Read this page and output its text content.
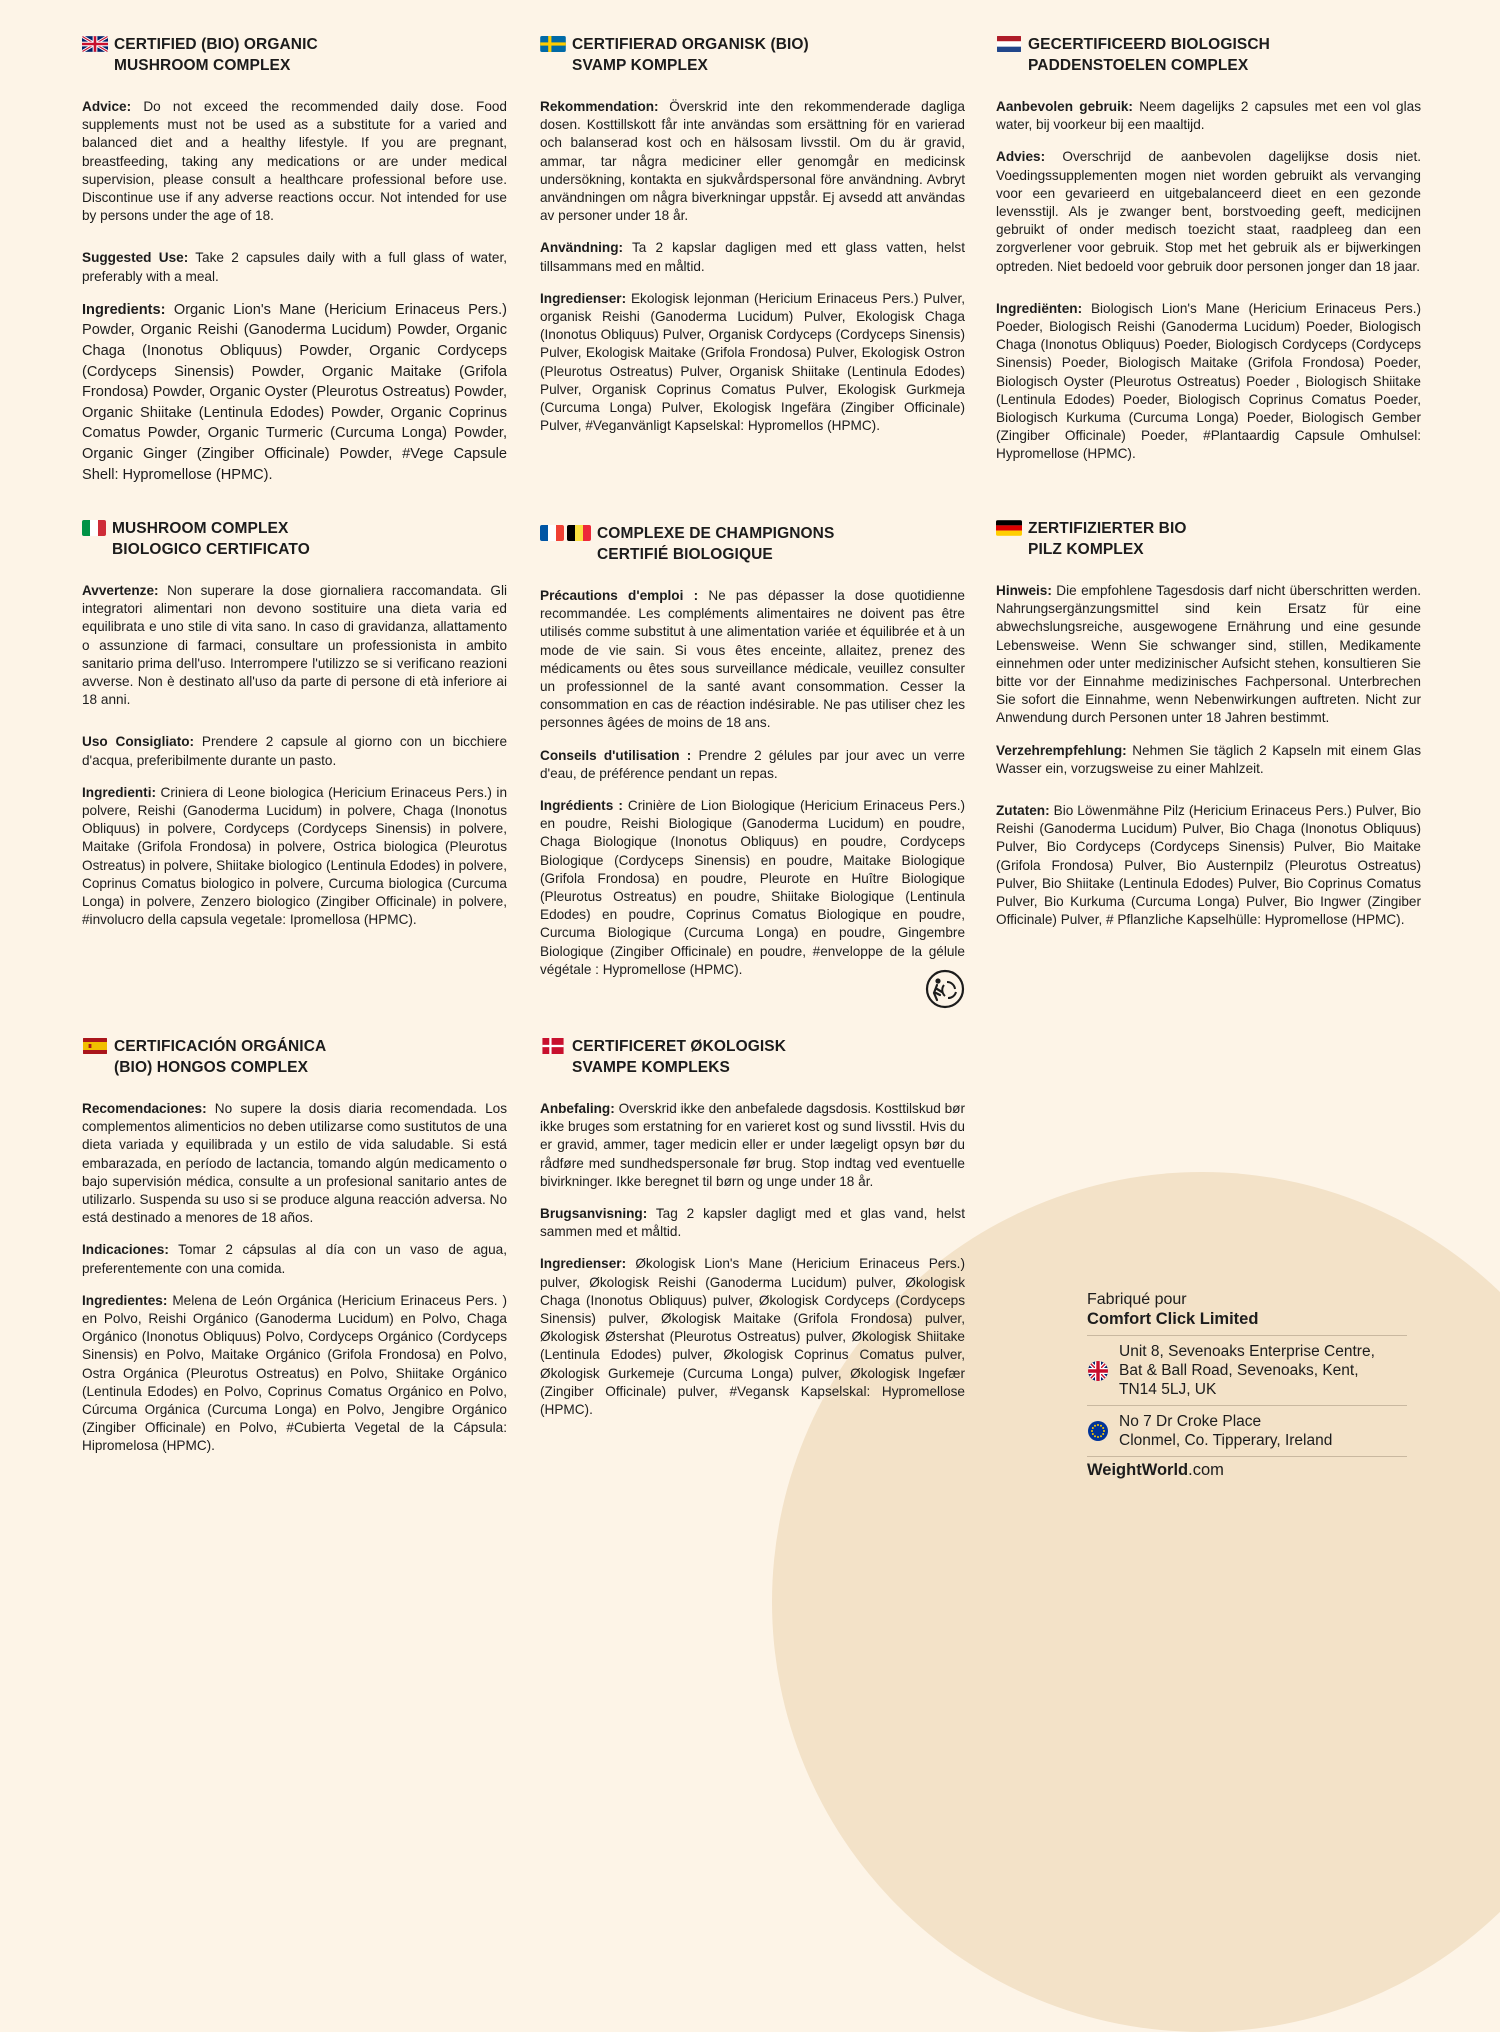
CERTIFIED (BIO) ORGANIC
MUSHROOM COMPLEX

Advice: Do not exceed the recommended daily dose. Food supplements must not be used as a substitute for a varied and balanced diet and a healthy lifestyle. If you are pregnant, breastfeeding, taking any medications or are under medical supervision, please consult a healthcare professional before use. Discontinue use if any adverse reactions occur. Not intended for use by persons under the age of 18.

Suggested Use: Take 2 capsules daily with a full glass of water, preferably with a meal.

Ingredients: Organic Lion's Mane (Hericium Erinaceus Pers.) Powder, Organic Reishi (Ganoderma Lucidum) Powder, Organic Chaga (Inonotus Obliquus) Powder, Organic Cordyceps (Cordyceps Sinensis) Powder, Organic Maitake (Grifola Frondosa) Powder, Organic Oyster (Pleurotus Ostreatus) Powder, Organic Shiitake (Lentinula Edodes) Powder, Organic Coprinus Comatus Powder, Organic Turmeric (Curcuma Longa) Powder, Organic Ginger (Zingiber Officinale) Powder, #Vege Capsule Shell: Hypromellose (HPMC).

CERTIFIERAD ORGANISK (BIO)
SVAMP KOMPLEX

Rekommendation: Överskrid inte den rekommenderade dagliga dosen. Kosttillskott får inte användas som ersättning för en varierad och balanserad kost och en hälsosam livsstil. Om du är gravid, ammar, tar några mediciner eller genomgår en medicinsk undersökning, kontakta en sjukvårdspersonal före användning. Avbryt användningen om några biverkningar uppstår. Ej avsedd att användas av personer under 18 år.

Användning: Ta 2 kapslar dagligen med ett glass vatten, helst tillsammans med en måltid.

Ingredienser: Ekologisk lejonman (Hericium Erinaceus Pers.) Pulver, organisk Reishi (Ganoderma Lucidum) Pulver, Ekologisk Chaga (Inonotus Obliquus) Pulver, Organisk Cordyceps (Cordyceps Sinensis) Pulver, Ekologisk Maitake (Grifola Frondosa) Pulver, Ekologisk Ostron (Pleurotus Ostreatus) Pulver, Organisk Shiitake (Lentinula Edodes) Pulver, Organisk Coprinus Comatus Pulver, Ekologisk Gurkmeja (Curcuma Longa) Pulver, Ekologisk Ingefära (Zingiber Officinale) Pulver, #Veganvänligt Kapselskal: Hypromellos (HPMC).

GECERTIFICEERD BIOLOGISCH
PADDENSTOELEN COMPLEX

Aanbevolen gebruik: Neem dagelijks 2 capsules met een vol glas water, bij voorkeur bij een maaltijd.

Advies: Overschrijd de aanbevolen dagelijkse dosis niet. Voedingssupplementen mogen niet worden gebruikt als vervanging voor een gevarieerd en uitgebalanceerd dieet en een gezonde levensstijl. Als je zwanger bent, borstvoeding geeft, medicijnen gebruikt of onder medisch toezicht staat, raadpleeg dan een zorgverlener voor gebruik. Stop met het gebruik als er bijwerkingen optreden. Niet bedoeld voor gebruik door personen jonger dan 18 jaar.

Ingrediënten: Biologisch Lion's Mane (Hericium Erinaceus Pers.) Poeder, Biologisch Reishi (Ganoderma Lucidum) Poeder, Biologisch Chaga (Inonotus Obliquus) Poeder, Biologisch Cordyceps (Cordyceps Sinensis) Poeder, Biologisch Maitake (Grifola Frondosa) Poeder, Biologisch Oyster (Pleurotus Ostreatus) Poeder , Biologisch Shiitake (Lentinula Edodes) Poeder, Biologisch Coprinus Comatus Poeder, Biologisch Kurkuma (Curcuma Longa) Poeder, Biologisch Gember (Zingiber Officinale) Poeder, #Plantaardig Capsule Omhulsel: Hypromellose (HPMC).

MUSHROOM COMPLEX
BIOLOGICO CERTIFICATO

Avvertenze: Non superare la dose giornaliera raccomandata. Gli integratori alimentari non devono sostituire una dieta varia ed equilibrata e uno stile di vita sano. In caso di gravidanza, allattamento o assunzione di farmaci, consultare un professionista in ambito sanitario prima dell'uso. Interrompere l'utilizzo se si verificano reazioni avverse. Non è destinato all'uso da parte di persone di età inferiore ai 18 anni.

Uso Consigliato: Prendere 2 capsule al giorno con un bicchiere d'acqua, preferibilmente durante un pasto.

Ingredienti: Criniera di Leone biologica (Hericium Erinaceus Pers.) in polvere, Reishi (Ganoderma Lucidum) in polvere, Chaga (Inonotus Obliquus) in polvere, Cordyceps (Cordyceps Sinensis) in polvere, Maitake (Grifola Frondosa) in polvere, Ostrica biologica (Pleurotus Ostreatus) in polvere, Shiitake biologico (Lentinula Edodes) in polvere, Coprinus Comatus biologico in polvere, Curcuma biologica (Curcuma Longa) in polvere, Zenzero biologico (Zingiber Officinale) in polvere, #involucro della capsula vegetale: Ipromellosa (HPMC).

COMPLEXE DE CHAMPIGNONS
CERTIFIÉ BIOLOGIQUE

Précautions d'emploi : Ne pas dépasser la dose quotidienne recommandée. Les compléments alimentaires ne doivent pas être utilisés comme substitut à une alimentation variée et équilibrée et à un mode de vie sain. Si vous êtes enceinte, allaitez, prenez des médicaments ou êtes sous surveillance médicale, veuillez consulter un professionnel de la santé avant consommation. Cesser la consommation en cas de réaction indésirable. Ne pas utiliser chez les personnes âgées de moins de 18 ans.

Conseils d'utilisation : Prendre 2 gélules par jour avec un verre d'eau, de préférence pendant un repas.

Ingrédients : Crinière de Lion Biologique (Hericium Erinaceus Pers.) en poudre, Reishi Biologique (Ganoderma Lucidum) en poudre, Chaga Biologique (Inonotus Obliquus) en poudre, Cordyceps Biologique (Cordyceps Sinensis) en poudre, Maitake Biologique (Grifola Frondosa) en poudre, Pleurote en Huître Biologique (Pleurotus Ostreatus) en poudre, Shiitake Biologique (Lentinula Edodes) en poudre, Coprinus Comatus Biologique en poudre, Curcuma Biologique (Curcuma Longa) en poudre, Gingembre Biologique (Zingiber Officinale) en poudre, #enveloppe de la gélule végétale : Hypromellose (HPMC).

ZERTIFIZIERTER BIO
PILZ KOMPLEX

Hinweis: Die empfohlene Tagesdosis darf nicht überschritten werden. Nahrungsergänzungsmittel sind kein Ersatz für eine abwechslungsreiche, ausgewogene Ernährung und eine gesunde Lebensweise. Wenn Sie schwanger sind, stillen, Medikamente einnehmen oder unter medizinischer Aufsicht stehen, konsultieren Sie bitte vor der Einnahme medizinisches Fachpersonal. Unterbrechen Sie sofort die Einnahme, wenn Nebenwirkungen auftreten. Nicht zur Anwendung durch Personen unter 18 Jahren bestimmt.

Verzehrempfehlung: Nehmen Sie täglich 2 Kapseln mit einem Glas Wasser ein, vorzugsweise zu einer Mahlzeit.

Zutaten: Bio Löwenmähne Pilz (Hericium Erinaceus Pers.) Pulver, Bio Reishi (Ganoderma Lucidum) Pulver, Bio Chaga (Inonotus Obliquus) Pulver, Bio Cordyceps (Cordyceps Sinensis) Pulver, Bio Maitake (Grifola Frondosa) Pulver, Bio Austernpilz (Pleurotus Ostreatus) Pulver, Bio Shiitake (Lentinula Edodes) Pulver, Bio Coprinus Comatus Pulver, Bio Kurkuma (Curcuma Longa) Pulver, Bio Ingwer (Zingiber Officinale) Pulver, # Pflanzliche Kapselhülle: Hypromellose (HPMC).

CERTIFICACIÓN ORGÁNICA
(BIO) HONGOS COMPLEX

Recomendaciones: No supere la dosis diaria recomendada. Los complementos alimenticios no deben utilizarse como sustitutos de una dieta variada y equilibrada y un estilo de vida saludable. Si está embarazada, en período de lactancia, tomando algún medicamento o bajo supervisión médica, consulte a un profesional sanitario antes de utilizarlo. Suspenda su uso si se produce alguna reacción adversa. No está destinado a menores de 18 años.

Indicaciones: Tomar 2 cápsulas al día con un vaso de agua, preferentemente con una comida.

Ingredientes: Melena de León Orgánica (Hericium Erinaceus Pers. ) en Polvo, Reishi Orgánico (Ganoderma Lucidum) en Polvo, Chaga Orgánico (Inonotus Obliquus) Polvo, Cordyceps Orgánico (Cordyceps Sinensis) en Polvo, Maitake Orgánico (Grifola Frondosa) en Polvo, Ostra Orgánica (Pleurotus Ostreatus) en Polvo, Shiitake Orgánico (Lentinula Edodes) en Polvo, Coprinus Comatus Orgánico en Polvo, Cúrcuma Orgánica (Curcuma Longa) en Polvo, Jengibre Orgánico (Zingiber Officinale) en Polvo, #Cubierta Vegetal de la Cápsula: Hipromelosa (HPMC).

CERTIFICERET ØKOLOGISK
SVAMPE KOMPLEKS

Anbefaling: Overskrid ikke den anbefalede dagsdosis. Kosttilskud bør ikke bruges som erstatning for en varieret kost og sund livsstil. Hvis du er gravid, ammer, tager medicin eller er under lægeligt opsyn bør du rådføre med sundhedspersonale før brug. Stop indtag ved eventuelle bivirkninger. Ikke beregnet til børn og unge under 18 år.

Brugsanvisning: Tag 2 kapsler dagligt med et glas vand, helst sammen med et måltid.

Ingredienser: Økologisk Lion's Mane (Hericium Erinaceus Pers.) pulver, Økologisk Reishi (Ganoderma Lucidum) pulver, Økologisk Chaga (Inonotus Obliquus) pulver, Økologisk Cordyceps (Cordyceps Sinensis) pulver, Økologisk Maitake (Grifola Frondosa) pulver, Økologisk Østershat (Pleurotus Ostreatus) pulver, Økologisk Shiitake (Lentinula Edodes) pulver, Økologisk Coprinus Comatus pulver, Økologisk Gurkemeje (Curcuma Longa) pulver, Økologisk Ingefær (Zingiber Officinale) pulver, #Vegansk Kapselskal: Hypromellose (HPMC).

Fabriqué pour
Comfort Click Limited
Unit 8, Sevenoaks Enterprise Centre,
Bat & Ball Road, Sevenoaks, Kent,
TN14 5LJ, UK
No 7 Dr Croke Place
Clonmel, Co. Tipperary, Ireland
WeightWorld.com
